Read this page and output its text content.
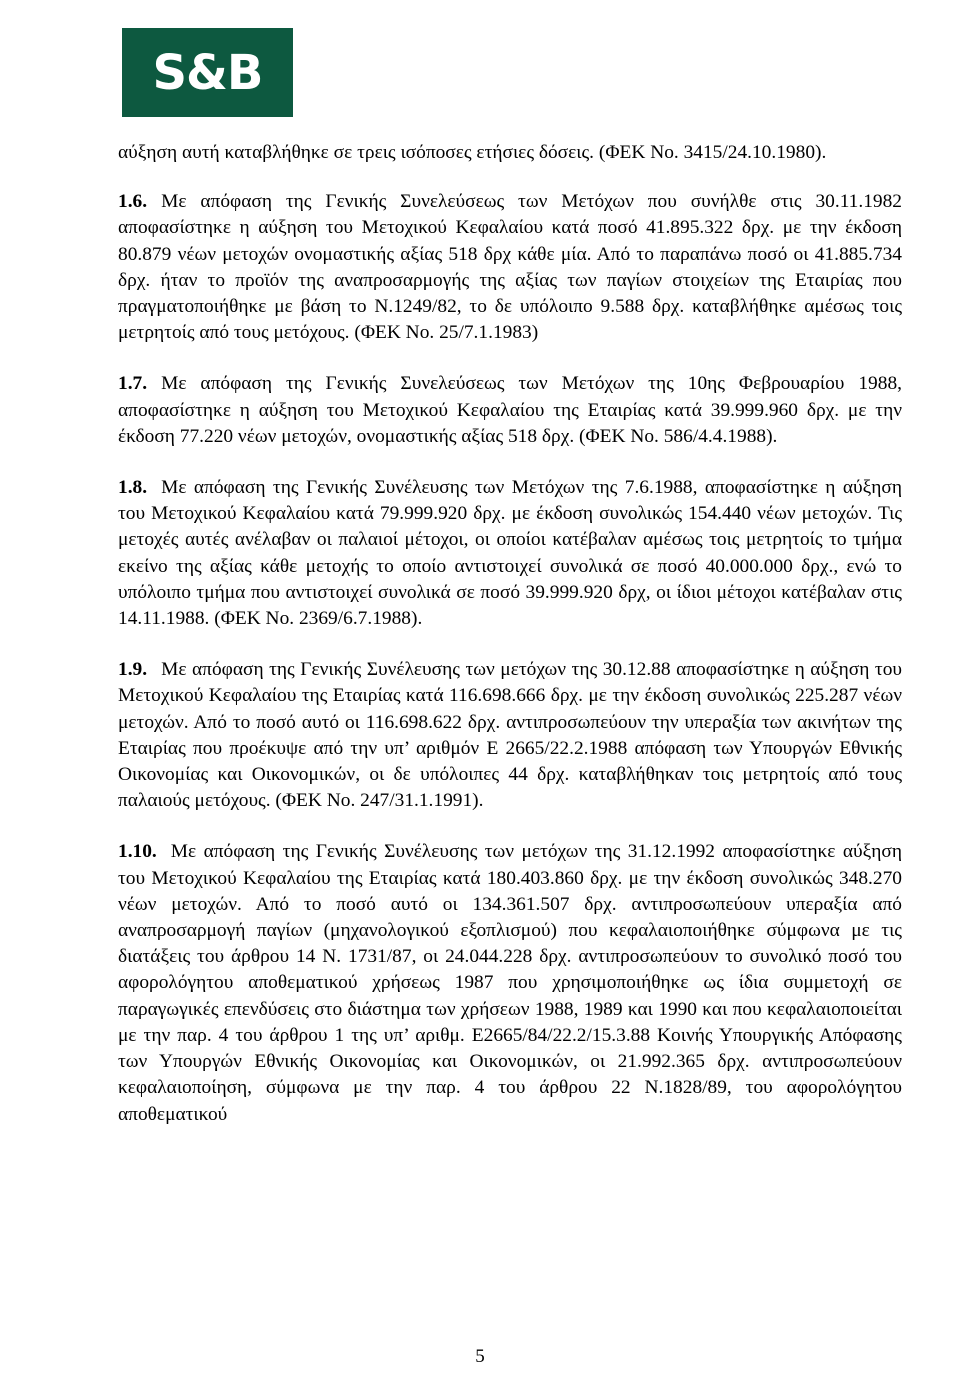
S&B

αύξηση αυτή καταβλήθηκε σε τρεις ισόποσες ετήσιες δόσεις. (ΦΕΚ Νο. 3415/24.10.1980).

1.6. Με απόφαση της Γενικής Συνελεύσεως των Μετόχων που συνήλθε στις 30.11.1982 αποφασίστηκε η αύξηση του Μετοχικού Κεφαλαίου κατά ποσό 41.895.322 δρχ. με την έκδοση 80.879 νέων μετοχών ονομαστικής αξίας 518 δρχ κάθε μία. Από το παραπάνω ποσό οι 41.885.734 δρχ. ήταν το προϊόν της αναπροσαρμογής της αξίας των παγίων στοιχείων της Εταιρίας που πραγματοποιήθηκε με βάση το Ν.1249/82, το δε υπόλοιπο 9.588 δρχ. καταβλήθηκε αμέσως τοις μετρητοίς από τους μετόχους. (ΦΕΚ Νο. 25/7.1.1983)

1.7. Με απόφαση της Γενικής Συνελεύσεως των Μετόχων της 10ης Φεβρουαρίου 1988, αποφασίστηκε η αύξηση του Μετοχικού Κεφαλαίου της Εταιρίας κατά 39.999.960 δρχ. με την έκδοση 77.220 νέων μετοχών, ονομαστικής αξίας 518 δρχ. (ΦΕΚ Νο. 586/4.4.1988).

1.8. Με απόφαση της Γενικής Συνέλευσης των Μετόχων της 7.6.1988, αποφασίστηκε η αύξηση του Μετοχικού Κεφαλαίου κατά 79.999.920 δρχ. με έκδοση συνολικώς 154.440 νέων μετοχών. Τις μετοχές αυτές ανέλαβαν οι παλαιοί μέτοχοι, οι οποίοι κατέβαλαν αμέσως τοις μετρητοίς το τμήμα εκείνο της αξίας κάθε μετοχής το οποίο αντιστοιχεί συνολικά σε ποσό 40.000.000 δρχ., ενώ το υπόλοιπο τμήμα που αντιστοιχεί συνολικά σε ποσό 39.999.920 δρχ, οι ίδιοι μέτοχοι κατέβαλαν στις 14.11.1988. (ΦΕΚ Νο. 2369/6.7.1988).

1.9. Με απόφαση της Γενικής Συνέλευσης των μετόχων της 30.12.88 αποφασίστηκε η αύξηση του Μετοχικού Κεφαλαίου της Εταιρίας κατά 116.698.666 δρχ. με την έκδοση συνολικώς 225.287 νέων μετοχών. Από το ποσό αυτό οι 116.698.622 δρχ. αντιπροσωπεύουν την υπεραξία των ακινήτων της Εταιρίας που προέκυψε από την υπ’ αριθμόν Ε 2665/22.2.1988 απόφαση των Υπουργών Εθνικής Οικονομίας και Οικονομικών, οι δε υπόλοιπες 44 δρχ. καταβλήθηκαν τοις μετρητοίς από τους παλαιούς μετόχους. (ΦΕΚ Νο. 247/31.1.1991).

1.10. Με απόφαση της Γενικής Συνέλευσης των μετόχων της 31.12.1992 αποφασίστηκε αύξηση του Μετοχικού Κεφαλαίου της Εταιρίας κατά 180.403.860 δρχ. με την έκδοση συνολικώς 348.270 νέων μετοχών. Από το ποσό αυτό οι 134.361.507 δρχ. αντιπροσωπεύουν υπεραξία από αναπροσαρμογή παγίων (μηχανολογικού εξοπλισμού) που κεφαλαιοποιήθηκε σύμφωνα με τις διατάξεις του άρθρου 14 Ν. 1731/87, οι 24.044.228 δρχ. αντιπροσωπεύουν το συνολικό ποσό του αφορολόγητου αποθεματικού χρήσεως 1987 που χρησιμοποιήθηκε ως ίδια συμμετοχή σε παραγωγικές επενδύσεις στο διάστημα των χρήσεων 1988, 1989 και 1990 και που κεφαλαιοποιείται με την παρ. 4 του άρθρου 1 της υπ’ αριθμ. Ε2665/84/22.2/15.3.88 Κοινής Υπουργικής Απόφασης των Υπουργών Εθνικής Οικονομίας και Οικονομικών, οι 21.992.365 δρχ. αντιπροσωπεύουν κεφαλαιοποίηση, σύμφωνα με την παρ. 4 του άρθρου 22 Ν.1828/89, του αφορολόγητου αποθεματικού

5
